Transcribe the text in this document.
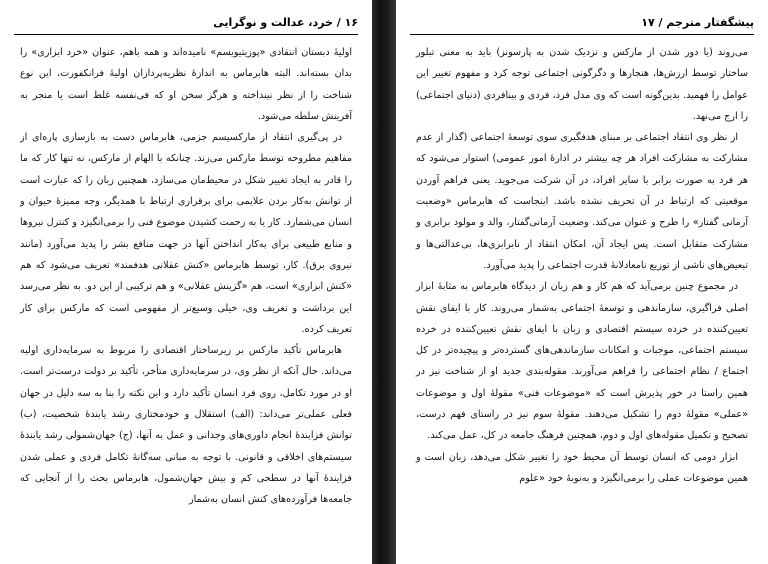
۱۶ / خرد، عدالت و نوگرایی

اولیهٔ دبستان انتقادی «پوزیتیویسم» نامیده‌اند و همه باهم، عنوان «خرد ابزاری» را بدان بسته‌اند. البته هابرماس به اندازهٔ نظریه‌پردازان اولیهٔ فرانکفورت، این نوع شناخت را از نظر نینداخته و هرگز سخن او که فی‌نفسه غلط است یا منجر به آفرینش سلطه می‌شود.

در پی‌گیری انتقاد از مارکسیسم جزمی، هابرماس دست به بازسازی پاره‌ای از مفاهیم مطروحه توسط مارکس می‌زند. چنانکه با الهام از مارکس، نه تنها کار که ما را قادر به ایجاد تغییر شکل در محیط‌مان می‌سازد، همچنین زبان را که عبارت است از توانش به‌کار بردن علایمی برای برقراری ارتباط با همدیگر، وجه ممیزهٔ حیوان و انسان می‌شمارد. کار یا به زحمت کشیدن موضوع فنی را برمی‌انگیزد و کنترل نیروها و منابع طبیعی برای به‌کار انداختن آنها در جهت منافع بشر را پدید می‌آورد (مانند نیروی برق). کار، توسط هابرماس «کنش عقلانی هدفمند» تعریف می‌شود که هم «کنش ابزاری» است، هم «گزینش عقلانی» و هم ترکیبی از این دو. به نظر می‌رسد این برداشت و تعریف وی، خیلی وسیع‌تر از مفهومی است که مارکس برای کار تعریف کرده.

هابرماس تأکید مارکس بر زیرساختار اقتصادی را مربوط به سرمایه‌داری اولیه می‌داند. حال آنکه از نظر وی، در سرمایه‌داری متأخر، تأکید بر دولت درست‌تر است. او در مورد تکامل، روی فرد انسان تأکید دارد و این نکته را بنا به سه دلیل در جهان فعلی عملی‌تر می‌داند: (الف) استقلال و خودمختاری رشد یابندهٔ شخصیت، (ب) توانش فزایندهٔ انجام داوری‌های وجدانی و عمل به آنها، (ج) جهان‌شمولی رشد یابندهٔ سیستم‌های اخلاقی و قانونی. با توجه به مبانی سه‌گانهٔ تکامل فردی و عملی شدن فزایندهٔ آنها در سطحی کم و بیش جهان‌شمول، هابرماس بحث را از آنجایی که جامعه‌ها فرآورده‌های کنش انسان به‌شمار

پیشگفتار مترجم / ۱۷

می‌روند (یا دور شدن از مارکس و نزدیک شدن به پارسونز) باید به معنی تبلور ساختار توسط ارزش‌ها، هنجارها و دگرگونی اجتماعی توجه کرد و مفهوم تغییر این عوامل را فهمید. بدین‌گونه است که وی مدل فرد، فردی و بینافردی (دنیای اجتماعی) را ارج می‌نهد.

از نظر وی انتقاد اجتماعی بر مبنای هدفگیری سوی توسعهٔ اجتماعی (گذار از عدم مشارکت به مشارکت افراد هر چه بیشتر در ادارهٔ امور عمومی) استوار می‌شود که هر فرد به صورت برابر با سایر افراد، در آن شرکت می‌جوید. یعنی فراهم آوردن موقعیتی که ارتباط در آن تحریف نشده باشد. اینجاست که هابرماس «وضعیت آرمانی گفتار» را طرح و عنوان می‌کند. وضعیت آرمانی‌گفتار، والد و مولود برابری و مشارکت متقابل است. پس ایجاد آن، امکان انتقاد از نابرابری‌ها، بی‌عدالتی‌ها و تبعیض‌های ناشی از توزیع نامعادلانهٔ قدرت اجتماعی را پدید می‌آورد.

در مجموع چنین برمی‌آید که هم کار و هم زبان از دیدگاه هابرماس به مثابهٔ ابزار اصلی فراگیری، سازماندهی و توسعهٔ اجتماعی به‌شمار می‌روند. کار با ایفای نقش تعیین‌کننده در خرده سیستم اقتصادی و زبان با ایفای نقش تعیین‌کننده در خرده سیستم اجتماعی، موجبات و امکانات سازماندهی‌های گسترده‌تر و پیچیده‌تر در کل اجتماع / نظام اجتماعی را فراهم می‌آورند. مقوله‌بندی جدید او از شناخت نیز در همین راستا در خور پذیرش است که «موضوعات فنی» مقولهٔ اول و موضوعات «عملی» مقولهٔ دوم را تشکیل می‌دهند. مقولهٔ سوم نیز در راستای فهم درست، تصحیح و تکمیل مقوله‌های اول و دوم، همچنین فرهنگ جامعه در کل، عمل می‌کند.

ابزار دومی که انسان توسط آن محیط خود را تغییر شکل می‌دهد، زبان است و همین موضوعات عملی را برمی‌انگیزد و به‌نوبهٔ خود «علوم
